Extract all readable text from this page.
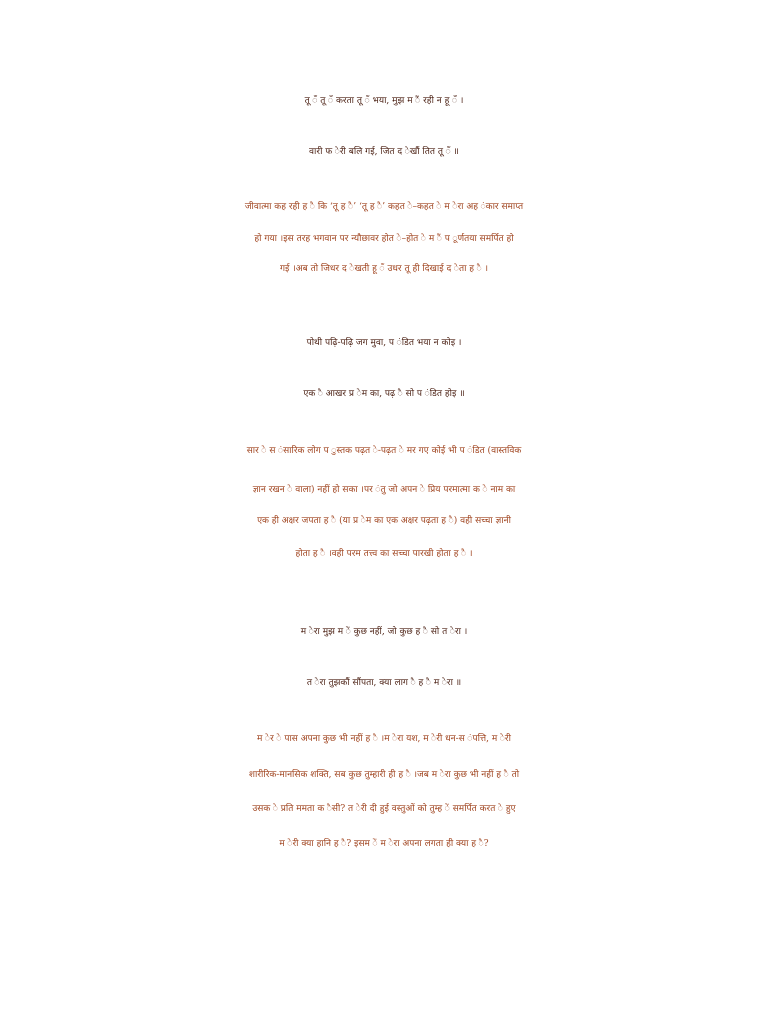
तू ँ तू ँ करता तू ँ भया, मुझ म ैं रही न हू ँ ।
वारी फ ेरी बलि गई, जित द ेखौं तित तू ँ ॥
जीवात्मा कह रही ह ै कि ‘तू ह ै’ ‘तू ह ै’ कहत े–कहत े म ेरा अह ंकार समाप्त
हो गया ।इस तरह भगवान पर न्यौछावर होत े–होत े म ैं प ूर्णतया समर्पित हो
गई ।अब तो जिधर द ेखती हू ँ उधर तू ही दिखाई द ेता ह ै ।
पोथी पढ़ि-पढ़ि जग मुवा, प ंडित भया न कोइ ।
एक ै आखर प्र ेम का, पढ़ ै सो प ंडित होइ ॥
सार े स ंसारिक लोग प ुस्तक पढ़त े-पढ़त े मर गए कोई भी प ंडित (वास्तविक
ज्ञान रखन े वाला) नहीं हो सका ।पर ंतु जो अपन े प्रिय परमात्मा क े नाम का
एक ही अक्षर जपता ह ै (या प्र ेम का एक अक्षर पढ़ता ह ै) वही सच्चा ज्ञानी
होता ह ै ।वही परम तत्त्व का सच्चा पारखी होता ह ै ।
म ेरा मुझ म ें कुछ नहीं, जो कुछ ह ै सो त ेरा ।
त ेरा तुझकौं सौंपता, क्या लाग ै ह ै म ेरा ॥
म ेर े पास अपना कुछ भी नहीं ह ै ।म ेरा यश, म ेरी धन-स ंपत्ति, म ेरी
शारीरिक-मानसिक शक्ति, सब कुछ तुम्हारी ही ह ै ।जब म ेरा कुछ भी नहीं ह ै तो
उसक े प्रति ममता क ैसी? त ेरी दी हुई वस्तुओं को तुम्ह ें समर्पित करत े हुए
म ेरी क्या हानि ह ै? इसम ें म ेरा अपना लगता ही क्या ह ै?
